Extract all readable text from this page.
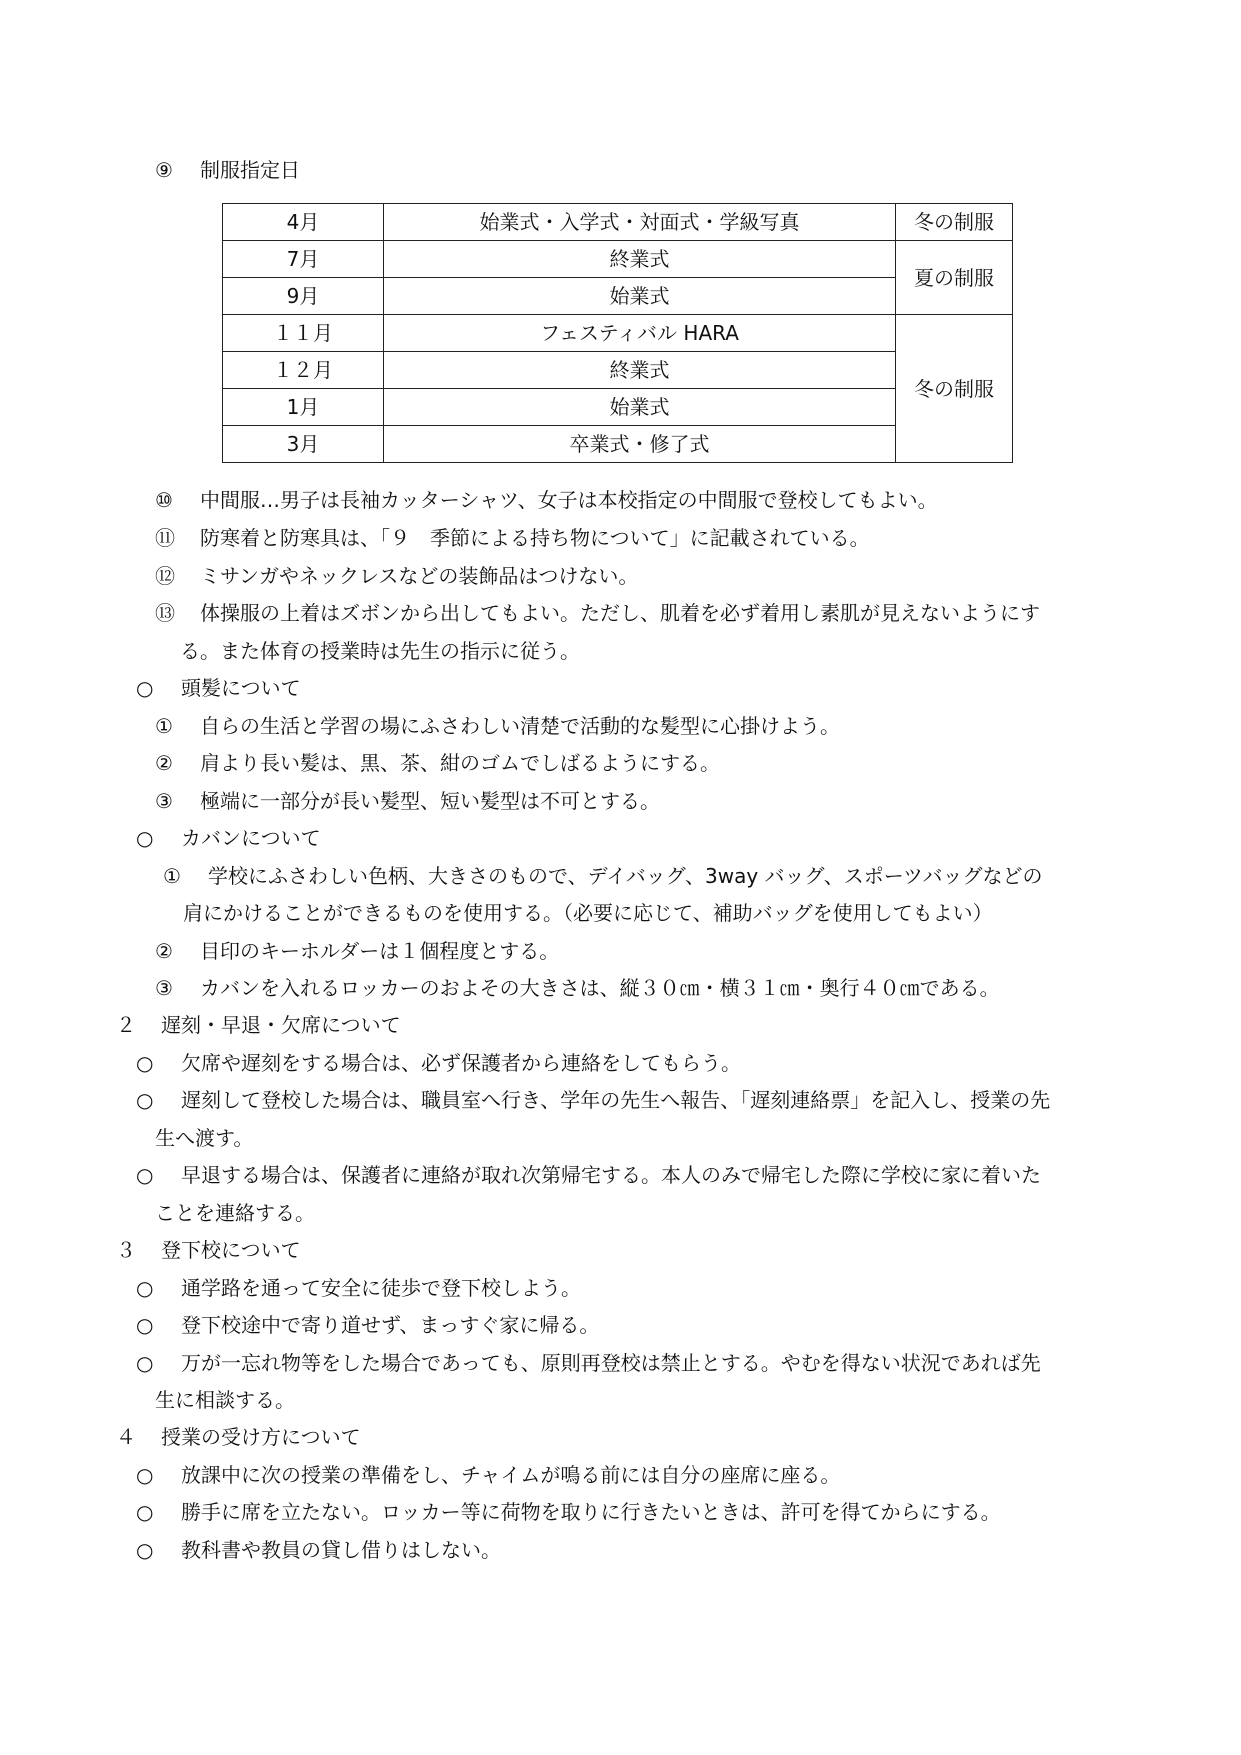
⑨ 制服指定日
4月	始業式・入学式・対面式・学級写真	冬の制服
7月	終業式	夏の制服
9月	始業式	
１１月	フェスティバル HARA	冬の制服
１２月	終業式	
1月	始業式	
3月	卒業式・修了式	
⑩ 中間服…男子は長袖カッターシャツ、女子は本校指定の中間服で登校してもよい。
⑪ 防寒着と防寒具は、「９　季節による持ち物について」に記載されている。
⑫ ミサンガやネックレスなどの装飾品はつけない。
⑬ 体操服の上着はズボンから出してもよい。ただし、肌着を必ず着用し素肌が見えないようにす
る。また体育の授業時は先生の指示に従う。
○ 頭髪について
① 自らの生活と学習の場にふさわしい清楚で活動的な髪型に心掛けよう。
② 肩より長い髪は、黒、茶、紺のゴムでしばるようにする。
③ 極端に一部分が長い髪型、短い髪型は不可とする。
○ カバンについて
① 学校にふさわしい色柄、大きさのもので、デイバッグ、3way バッグ、スポーツバッグなどの
肩にかけることができるものを使用する。（必要に応じて、補助バッグを使用してもよい）
② 目印のキーホルダーは１個程度とする。
③ カバンを入れるロッカーのおよその大きさは、縦３０㎝・横３１㎝・奥行４０㎝である。
２ 遅刻・早退・欠席について
○ 欠席や遅刻をする場合は、必ず保護者から連絡をしてもらう。
○ 遅刻して登校した場合は、職員室へ行き、学年の先生へ報告、「遅刻連絡票」を記入し、授業の先
生へ渡す。
○ 早退する場合は、保護者に連絡が取れ次第帰宅する。本人のみで帰宅した際に学校に家に着いた
ことを連絡する。
３ 登下校について
○ 通学路を通って安全に徒歩で登下校しよう。
○ 登下校途中で寄り道せず、まっすぐ家に帰る。
○ 万が一忘れ物等をした場合であっても、原則再登校は禁止とする。やむを得ない状況であれば先
生に相談する。
４ 授業の受け方について
○ 放課中に次の授業の準備をし、チャイムが鳴る前には自分の座席に座る。
○ 勝手に席を立たない。ロッカー等に荷物を取りに行きたいときは、許可を得てからにする。
○ 教科書や教員の貸し借りはしない。
